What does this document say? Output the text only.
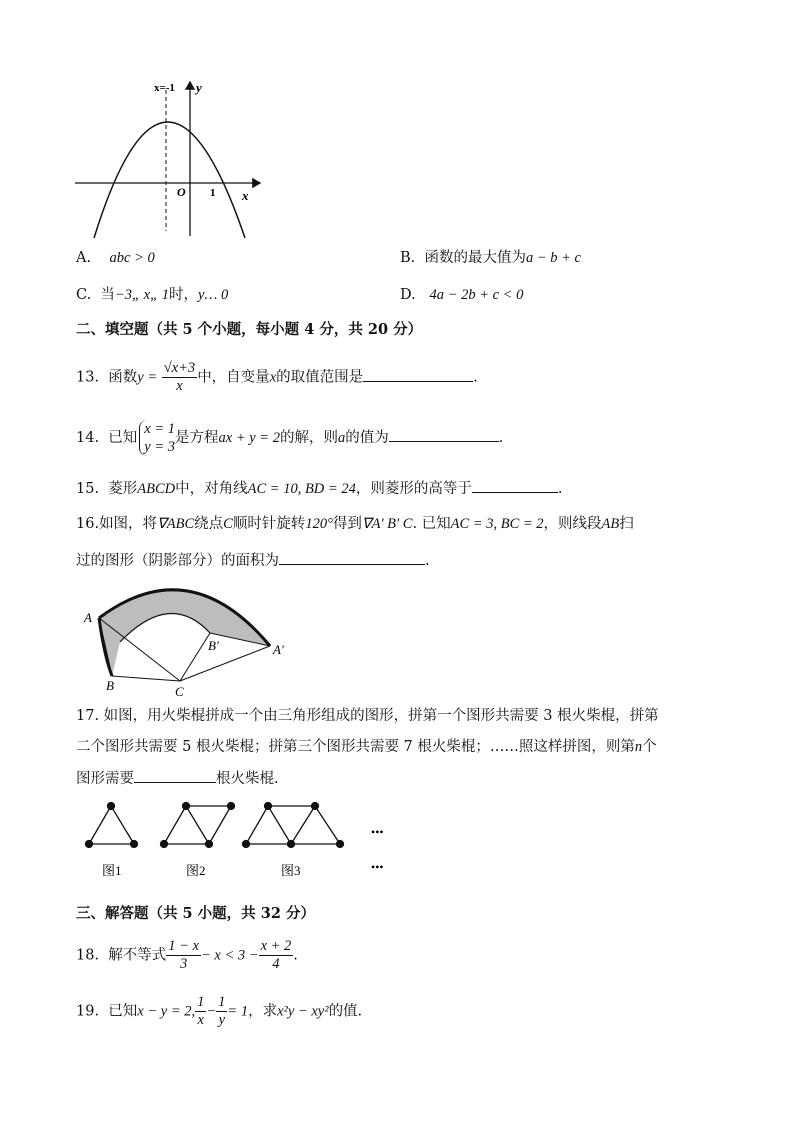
x=-1 y
x
O 1
A. abc > 0	B. 函数的最大值为a − b + c
C. 当−3„ x„ 1时，y… 0	D. 4a − 2b + c < 0
二、填空题（共 5 个小题，每小题 4 分，共 20 分）
13. 函数$y = \frac{√x+3}{x}$ 中，自变量x的取值范围是	.
14. 已知
x = 1
y = 3
是方程ax + y = 2的解，则a的值为	.
15. 菱形ABCD中，对角线AC = 10, BD = 24，则菱形的高等于	.
16.如图，将∇ABC绕点C顺时针旋转120°得到∇A' B' C. 已知AC = 3, BC = 2，则线段AB扫
过的图形（阴影部分）的面积为	.
A
B	C
B′	A′
17. 如图，用火柴棍拼成一个由三角形组成的图形，拼第一个图形共需要 3 根火柴棍，拼第
二个图形共需要 5 根火柴棍；拼第三个图形共需要 7 根火柴棍；……照这样拼图，则第n个
图形需要	根火柴棍.
图1	图2	图3
•••
•••
三、解答题（共 5 小题，共 32 分）
18. 解不等式 $\frac{1 - x}{3} - x < 3 - \frac{x + 2}{4}$ .
19. 已知x − y = 2, $\frac{1}{x} - \frac{1}{y} = 1$，求x²y − xy²的值.
